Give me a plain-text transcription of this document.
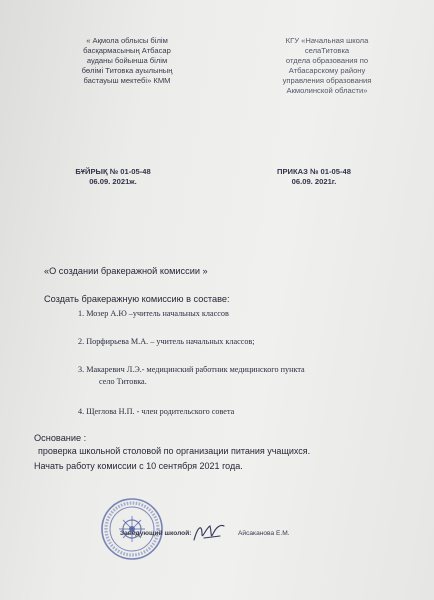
« Ақмола облысы білім
басқармасының Атбасар
ауданы бойынша білім
бөлімі Титовка ауылының
бастауыш мектебі» КММ
КГУ «Начальная школа
селаТитовка
отдела образования по
Атбасарскому району
управления образования
Акмолинской области»
БҰЙРЫҚ № 01-05-48
06.09. 2021ж.
ПРИКАЗ № 01-05-48
06.09. 2021г.
«О создании бракеражной комиссии »
Создать бракеражную комиссию в составе:
1. Мозер А.Ю –учитель начальных классов
2. Порфирьева М.А. – учитель начальных классов;
3. Макаревич Л.Э.- медицинский работник медицинского пункта
село Титовка.
4. Щеглова Н.П. - член родительского совета
Основание :
проверка школьной столовой по организации питания учащихся.
Начать работу комиссии с 10 сентября 2021 года.
Заведующий школой:	Айсаканова Е.М.
